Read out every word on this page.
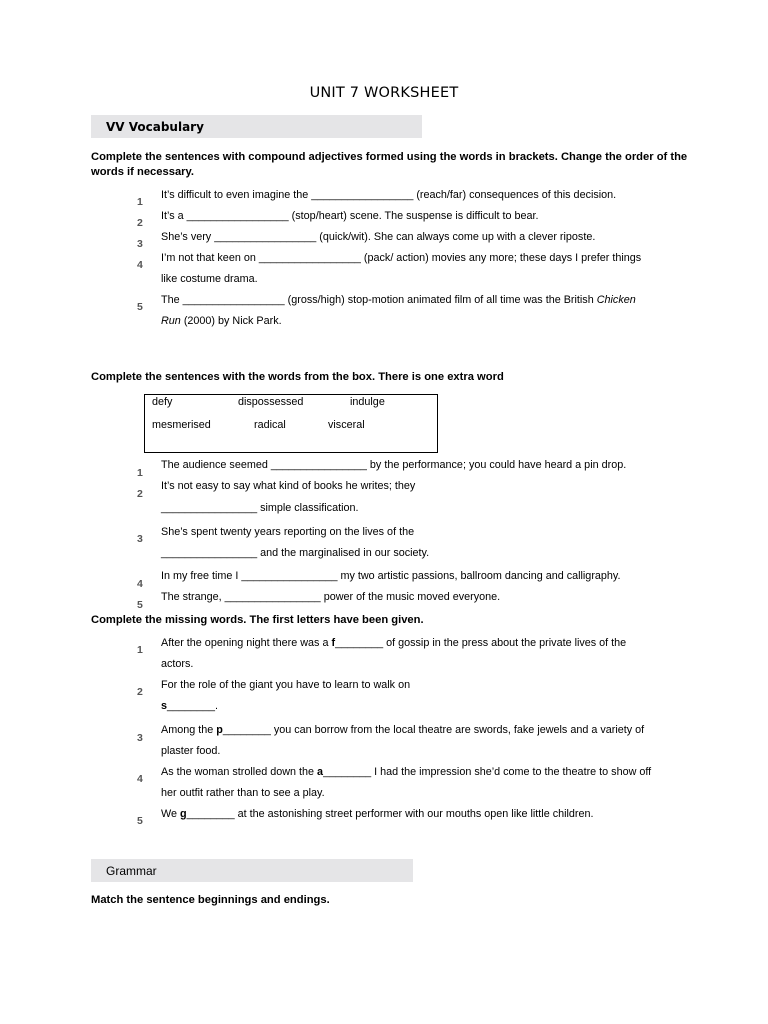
UNIT 7 WORKSHEET
VV Vocabulary
Complete the sentences with compound adjectives formed using the words in brackets. Change the order of the words if necessary.
1
It’s difficult to even imagine the _________________ (reach/far) consequences of this decision.
2
It’s a _________________ (stop/heart) scene. The suspense is difficult to bear.
3
She’s very _________________ (quick/wit). She can always come up with a clever riposte.
4
I’m not that keen on _________________ (pack/ action) movies any more; these days I prefer things
like costume drama.
5
The _________________ (gross/high) stop-motion animated film of all time was the British Chicken
Run (2000) by Nick Park.
Complete the sentences with the words from the box. There is one extra word
defy	dispossessed	indulge
mesmerised	radical	visceral
1
The audience seemed ________________ by the performance; you could have heard a pin drop.
2
It’s not easy to say what kind of books he writes; they
________________ simple classification.
3
She’s spent twenty years reporting on the lives of the
________________ and the marginalised in our society.
4
In my free time I ________________ my two artistic passions, ballroom dancing and calligraphy.
5
The strange, ________________ power of the music moved everyone.
Complete the missing words. The first letters have been given.
1
After the opening night there was a f________ of gossip in the press about the private lives of the
actors.
2
For the role of the giant you have to learn to walk on
s________.
3
Among the p________ you can borrow from the local theatre are swords, fake jewels and a variety of
plaster food.
4
As the woman strolled down the a________ I had the impression she’d come to the theatre to show off
her outfit rather than to see a play.
5
We g________ at the astonishing street performer with our mouths open like little children.
Grammar
Match the sentence beginnings and endings.
